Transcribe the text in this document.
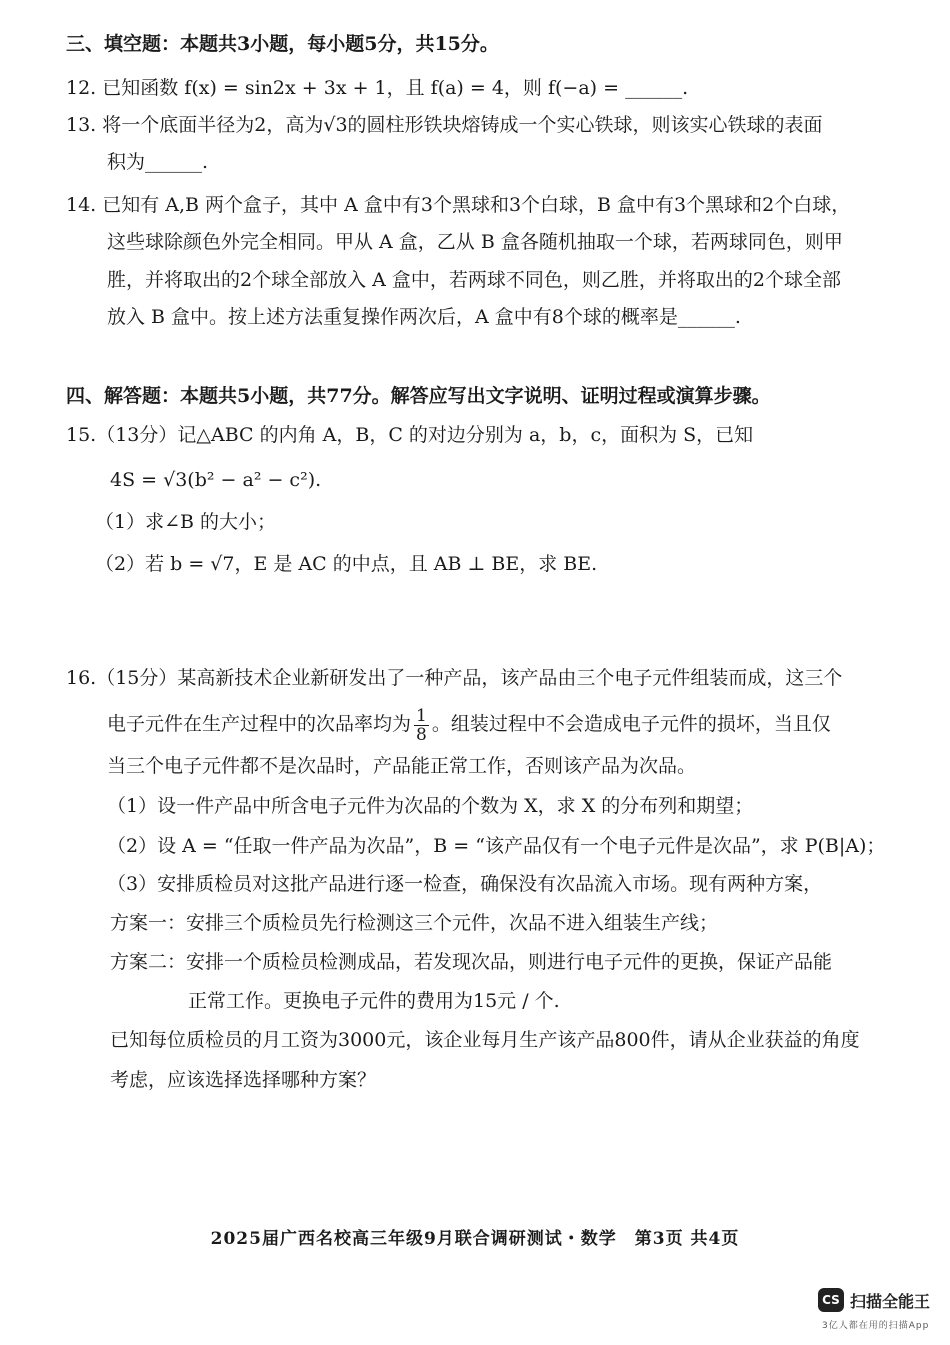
三、填空题：本题共3小题，每小题5分，共15分。
12. 已知函数 f(x) = sin2x + 3x + 1，且 f(a) = 4，则 f(−a) = ______.
13. 将一个底面半径为2，高为√3的圆柱形铁块熔铸成一个实心铁球，则该实心铁球的表面
积为______.
14. 已知有 A,B 两个盒子，其中 A 盒中有3个黑球和3个白球，B 盒中有3个黑球和2个白球，
这些球除颜色外完全相同。甲从 A 盒，乙从 B 盒各随机抽取一个球，若两球同色，则甲
胜，并将取出的2个球全部放入 A 盒中，若两球不同色，则乙胜，并将取出的2个球全部
放入 B 盒中。按上述方法重复操作两次后，A 盒中有8个球的概率是______.
四、解答题：本题共5小题，共77分。解答应写出文字说明、证明过程或演算步骤。
15.（13分）记△ABC 的内角 A，B，C 的对边分别为 a，b，c，面积为 S，已知
4S = √3(b² − a² − c²).
（1）求∠B 的大小；
（2）若 b = √7，E 是 AC 的中点，且 AB ⊥ BE，求 BE.
16.（15分）某高新技术企业新研发出了一种产品，该产品由三个电子元件组装而成，这三个
电子元件在生产过程中的次品率均为 $\frac{1}{8}$ 。组装过程中不会造成电子元件的损坏，当且仅
当三个电子元件都不是次品时，产品能正常工作，否则该产品为次品。
（1）设一件产品中所含电子元件为次品的个数为 X，求 X 的分布列和期望；
（2）设 A = “任取一件产品为次品”，B = “该产品仅有一个电子元件是次品”，求 P(B|A)；
（3）安排质检员对这批产品进行逐一检查，确保没有次品流入市场。现有两种方案，
方案一：安排三个质检员先行检测这三个元件，次品不进入组装生产线；
方案二：安排一个质检员检测成品，若发现次品，则进行电子元件的更换，保证产品能
正常工作。更换电子元件的费用为15元 / 个.
已知每位质检员的月工资为3000元，该企业每月生产该产品800件，请从企业获益的角度
考虑，应该选择选择哪种方案？
2025届广西名校高三年级9月联合调研测试・数学　第3页 共4页
CS 扫描全能王
3亿人都在用的扫描App
